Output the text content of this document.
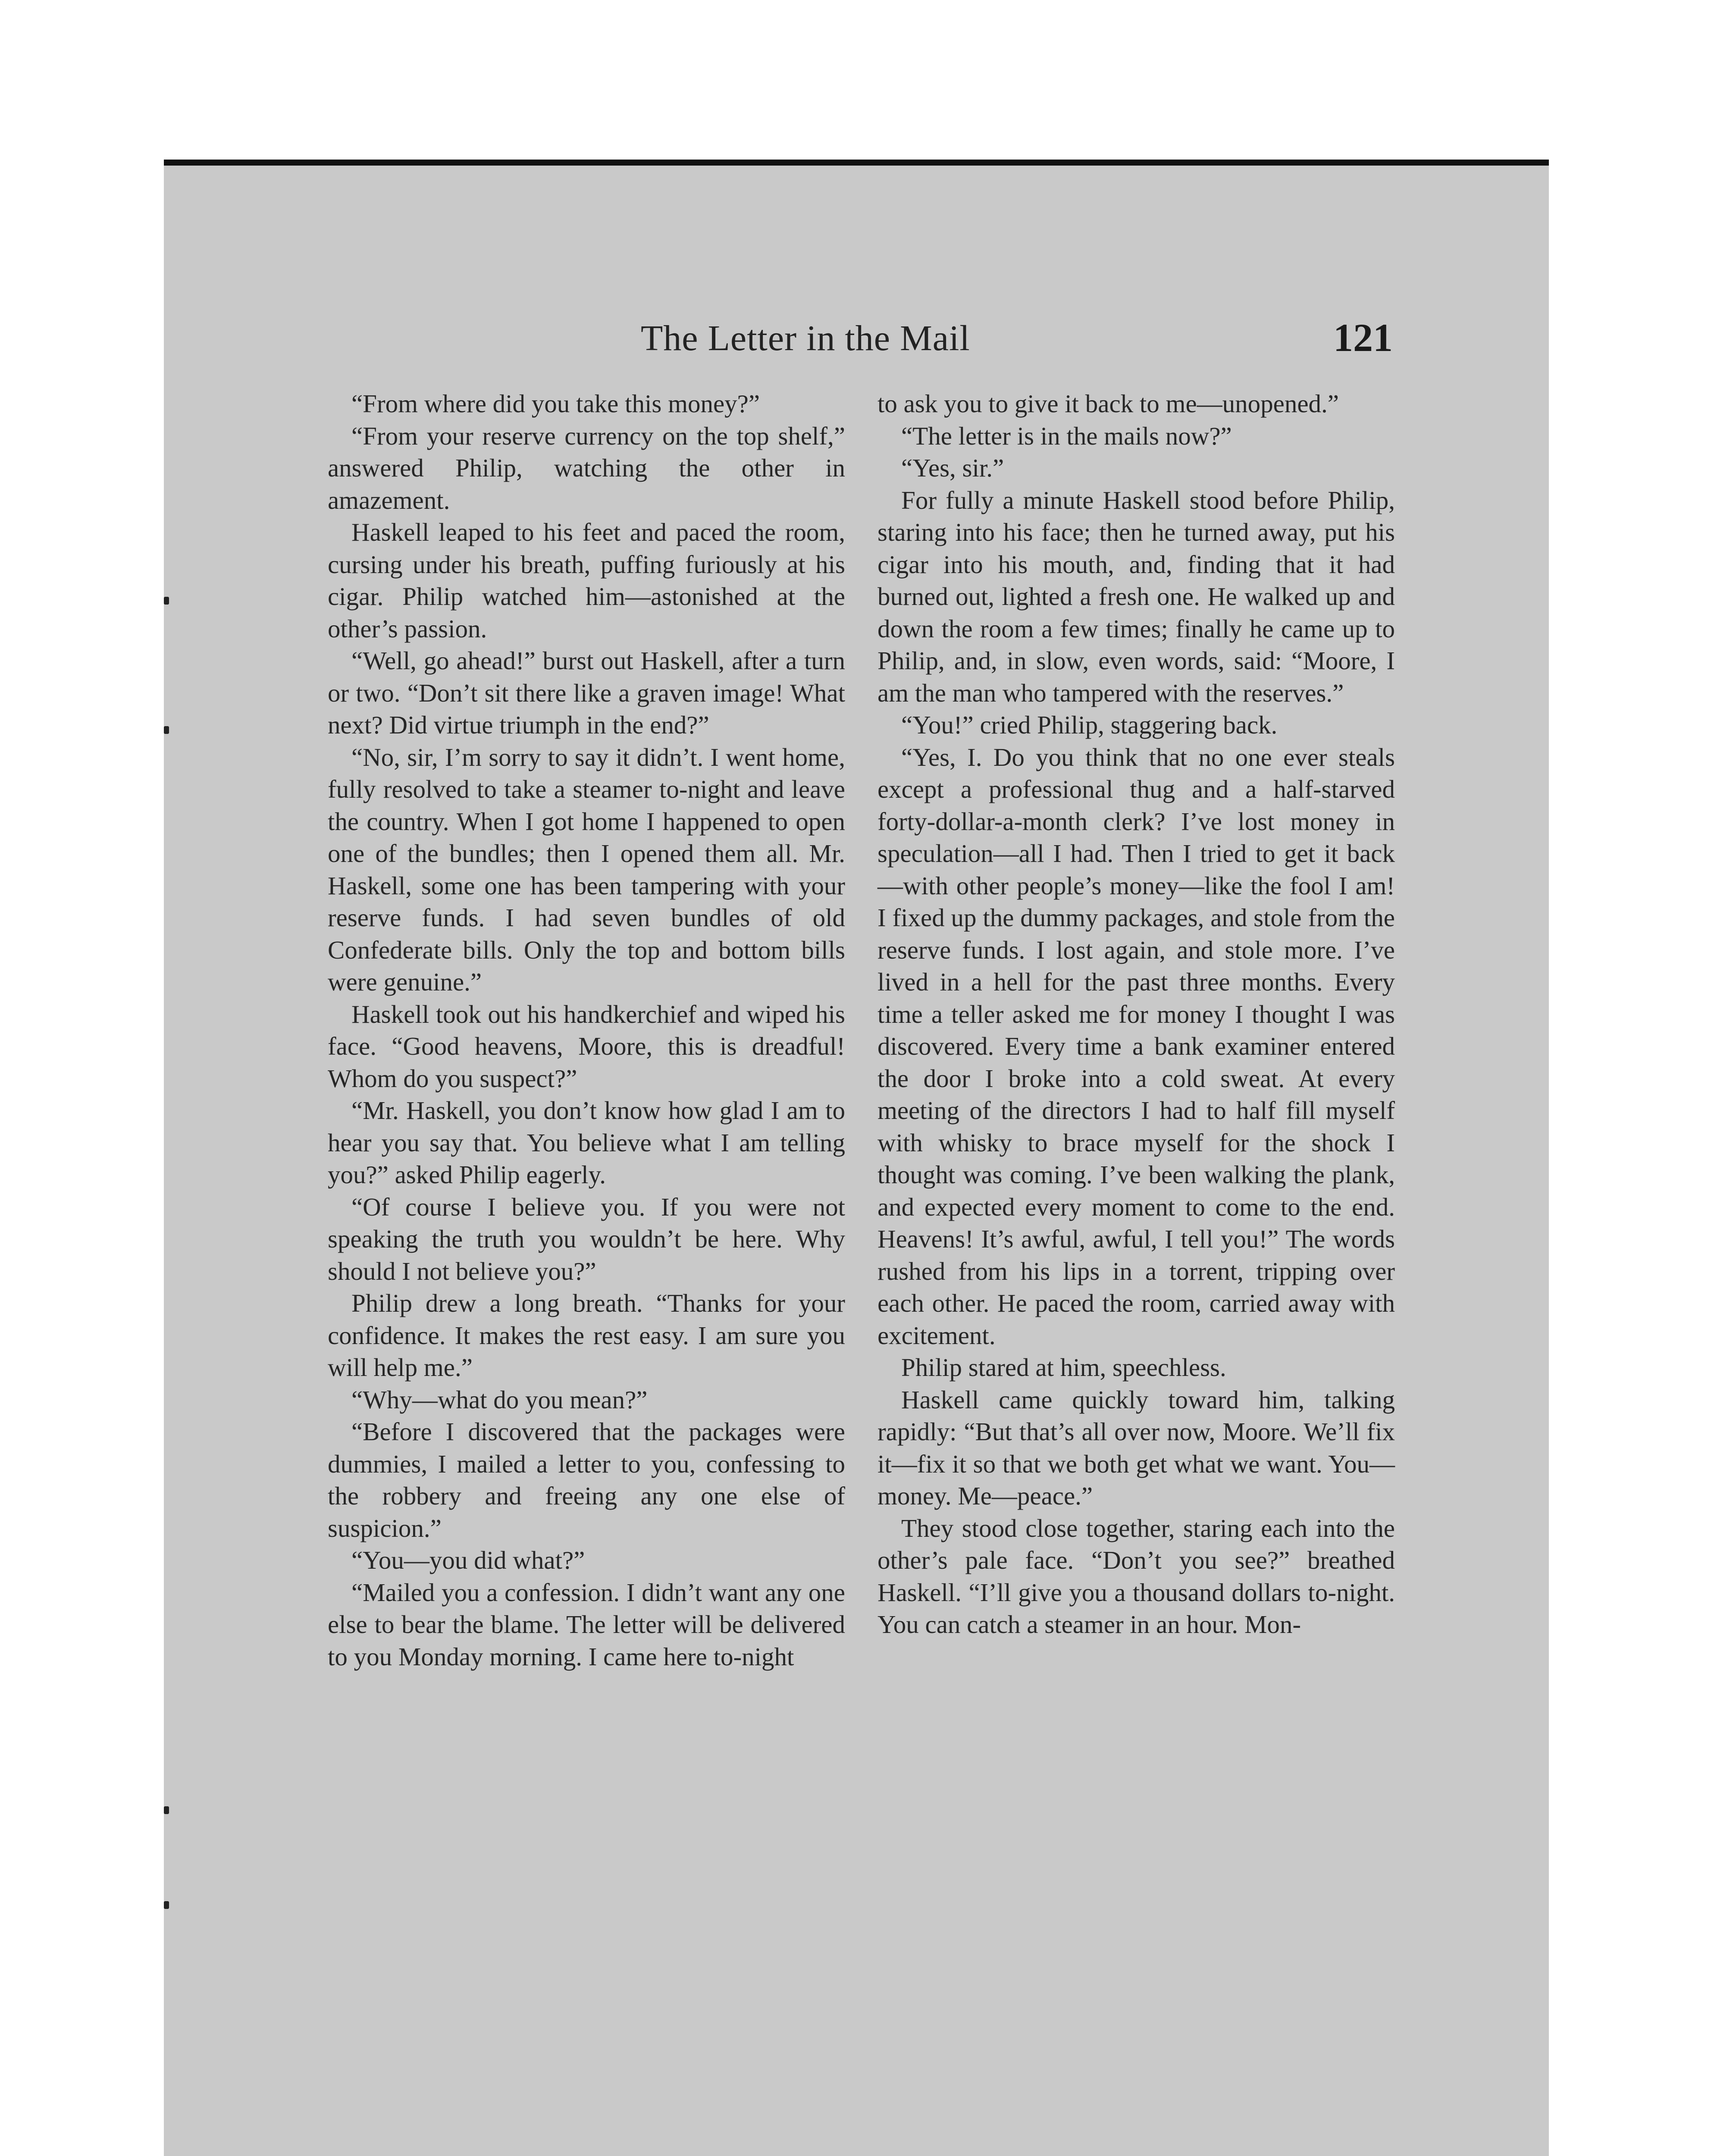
The Letter in the Mail	121

“From where did you take this money?”

“From your reserve currency on the top shelf,” answered Philip, watching the other in amazement.

Haskell leaped to his feet and paced the room, cursing under his breath, puffing furiously at his cigar. Philip watched him—astonished at the other’s passion.

“Well, go ahead!” burst out Haskell, after a turn or two. “Don’t sit there like a graven image! What next? Did virtue triumph in the end?”

“No, sir, I’m sorry to say it didn’t. I went home, fully resolved to take a steamer to-night and leave the country. When I got home I happened to open one of the bundles; then I opened them all. Mr. Haskell, some one has been tampering with your reserve funds. I had seven bundles of old Confederate bills. Only the top and bottom bills were genuine.”

Haskell took out his handkerchief and wiped his face. “Good heavens, Moore, this is dreadful! Whom do you suspect?”

“Mr. Haskell, you don’t know how glad I am to hear you say that. You believe what I am telling you?” asked Philip eagerly.

“Of course I believe you. If you were not speaking the truth you wouldn’t be here. Why should I not believe you?”

Philip drew a long breath. “Thanks for your confidence. It makes the rest easy. I am sure you will help me.”

“Why—what do you mean?”

“Before I discovered that the packages were dummies, I mailed a letter to you, confessing to the robbery and freeing any one else of suspicion.”

“You—you did what?”

“Mailed you a confession. I didn’t want any one else to bear the blame. The letter will be delivered to you Monday morning. I came here to-night

to ask you to give it back to me—unopened.”

“The letter is in the mails now?”

“Yes, sir.”

For fully a minute Haskell stood before Philip, staring into his face; then he turned away, put his cigar into his mouth, and, finding that it had burned out, lighted a fresh one. He walked up and down the room a few times; finally he came up to Philip, and, in slow, even words, said: “Moore, I am the man who tampered with the reserves.”

“You!” cried Philip, staggering back.

“Yes, I. Do you think that no one ever steals except a professional thug and a half-starved forty-dollar-a-month clerk? I’ve lost money in speculation—all I had. Then I tried to get it back—with other people’s money—like the fool I am! I fixed up the dummy packages, and stole from the reserve funds. I lost again, and stole more. I’ve lived in a hell for the past three months. Every time a teller asked me for money I thought I was discovered. Every time a bank examiner entered the door I broke into a cold sweat. At every meeting of the directors I had to half fill myself with whisky to brace myself for the shock I thought was coming. I’ve been walking the plank, and expected every moment to come to the end. Heavens! It’s awful, awful, I tell you!” The words rushed from his lips in a torrent, tripping over each other. He paced the room, carried away with excitement.

Philip stared at him, speechless.

Haskell came quickly toward him, talking rapidly: “But that’s all over now, Moore. We’ll fix it—fix it so that we both get what we want. You—money. Me—peace.”

They stood close together, staring each into the other’s pale face. “Don’t you see?” breathed Haskell. “I’ll give you a thousand dollars to-night. You can catch a steamer in an hour. Mon-
